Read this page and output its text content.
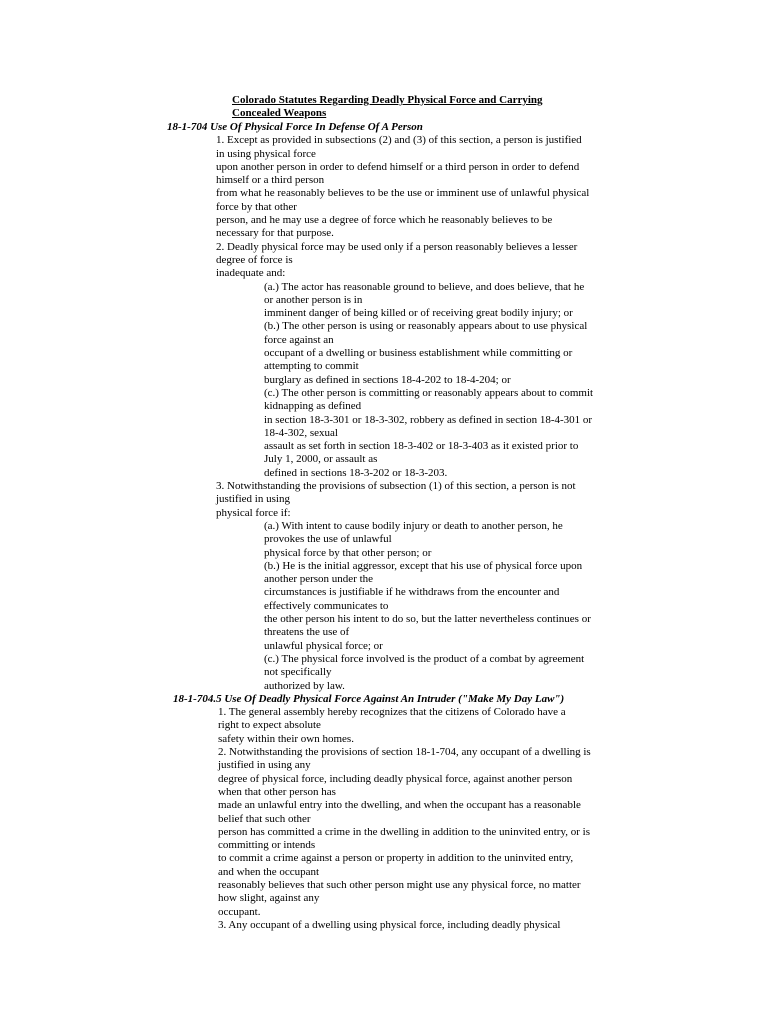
Colorado Statutes Regarding Deadly Physical Force and Carrying
Concealed Weapons
18-1-704 Use Of Physical Force In Defense Of A Person
1. Except as provided in subsections (2) and (3) of this section, a person is justified
in using physical force
upon another person in order to defend himself or a third person in order to defend
himself or a third person
from what he reasonably believes to be the use or imminent use of unlawful physical
force by that other
person, and he may use a degree of force which he reasonably believes to be
necessary for that purpose.
2. Deadly physical force may be used only if a person reasonably believes a lesser
degree of force is
inadequate and:
(a.) The actor has reasonable ground to believe, and does believe, that he
or another person is in
imminent danger of being killed or of receiving great bodily injury; or
(b.) The other person is using or reasonably appears about to use physical
force against an
occupant of a dwelling or business establishment while committing or
attempting to commit
burglary as defined in sections 18-4-202 to 18-4-204; or
(c.) The other person is committing or reasonably appears about to commit
kidnapping as defined
in section 18-3-301 or 18-3-302, robbery as defined in section 18-4-301 or
18-4-302, sexual
assault as set forth in section 18-3-402 or 18-3-403 as it existed prior to
July 1, 2000, or assault as
defined in sections 18-3-202 or 18-3-203.
3. Notwithstanding the provisions of subsection (1) of this section, a person is not
justified in using
physical force if:
(a.) With intent to cause bodily injury or death to another person, he
provokes the use of unlawful
physical force by that other person; or
(b.) He is the initial aggressor, except that his use of physical force upon
another person under the
circumstances is justifiable if he withdraws from the encounter and
effectively communicates to
the other person his intent to do so, but the latter nevertheless continues or
threatens the use of
unlawful physical force; or
(c.) The physical force involved is the product of a combat by agreement
not specifically
authorized by law.
18-1-704.5 Use Of Deadly Physical Force Against An Intruder ("Make My Day Law")
1. The general assembly hereby recognizes that the citizens of Colorado have a
right to expect absolute
safety within their own homes.
2. Notwithstanding the provisions of section 18-1-704, any occupant of a dwelling is
justified in using any
degree of physical force, including deadly physical force, against another person
when that other person has
made an unlawful entry into the dwelling, and when the occupant has a reasonable
belief that such other
person has committed a crime in the dwelling in addition to the uninvited entry, or is
committing or intends
to commit a crime against a person or property in addition to the uninvited entry,
and when the occupant
reasonably believes that such other person might use any physical force, no matter
how slight, against any
occupant.
3. Any occupant of a dwelling using physical force, including deadly physical
